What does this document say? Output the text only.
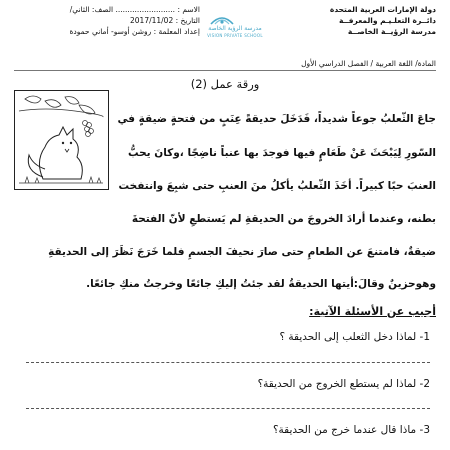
دولة الإمارات العربية المتحدة
دائــرة التعلـيـم والمعرفــة
مدرسة الرؤيــة الخاصــة
مدرسة الرؤية الخاصة
VISION PRIVATE SCHOOL
الاسم : ......................... الصف: الثاني/
التاريخ : 2017/11/02
إعداد المعلمة : روشن أوسو- أماني حمودة
المادة/ اللغة العربية / الفصل الدراسي الأول
ورقة عمل (2)
جاعَ الثّعلبُ جوعاً شديداً، فَدَخَلَ حديقةً عِنَبٍ من فتحةٍ ضيقةٍ في
السّورِ لِيَبْحَثَ عَنْ طَعَامٍ فيها فوجدَ بها عنباً ناضِجًا ،وكانَ يحبُّ
العنبَ حبًا كبيراً. أخَذَ الثّعلبُ يأكلُ منَ العنبِ حتى شبِعَ وانتفخت
بطنه، وعندما أرادَ الخروجَ من الحديقةِ لم يَستطعِ لأنّ الفتحةَ
ضيقةٌ، فامتنعَ عن الطعامِ حتى صارَ نحيفَ الجسمِ فلما خَرَجَ نَظَرَ إلى الحديقةِ
وهوحزينٌ وقالَ:أيتها الحديقةُ لقد جئتُ إليكِ جائعًا وخرجتُ منكِ جائعًا.
أجيب عن الأسئلة الآتية:
1- لماذا دخل الثعلب إلى الحديقة ؟
2- لماذا لم يستطع الخروج من الحديقة؟
3- ماذا قال عندما خرج من الحديقة؟
